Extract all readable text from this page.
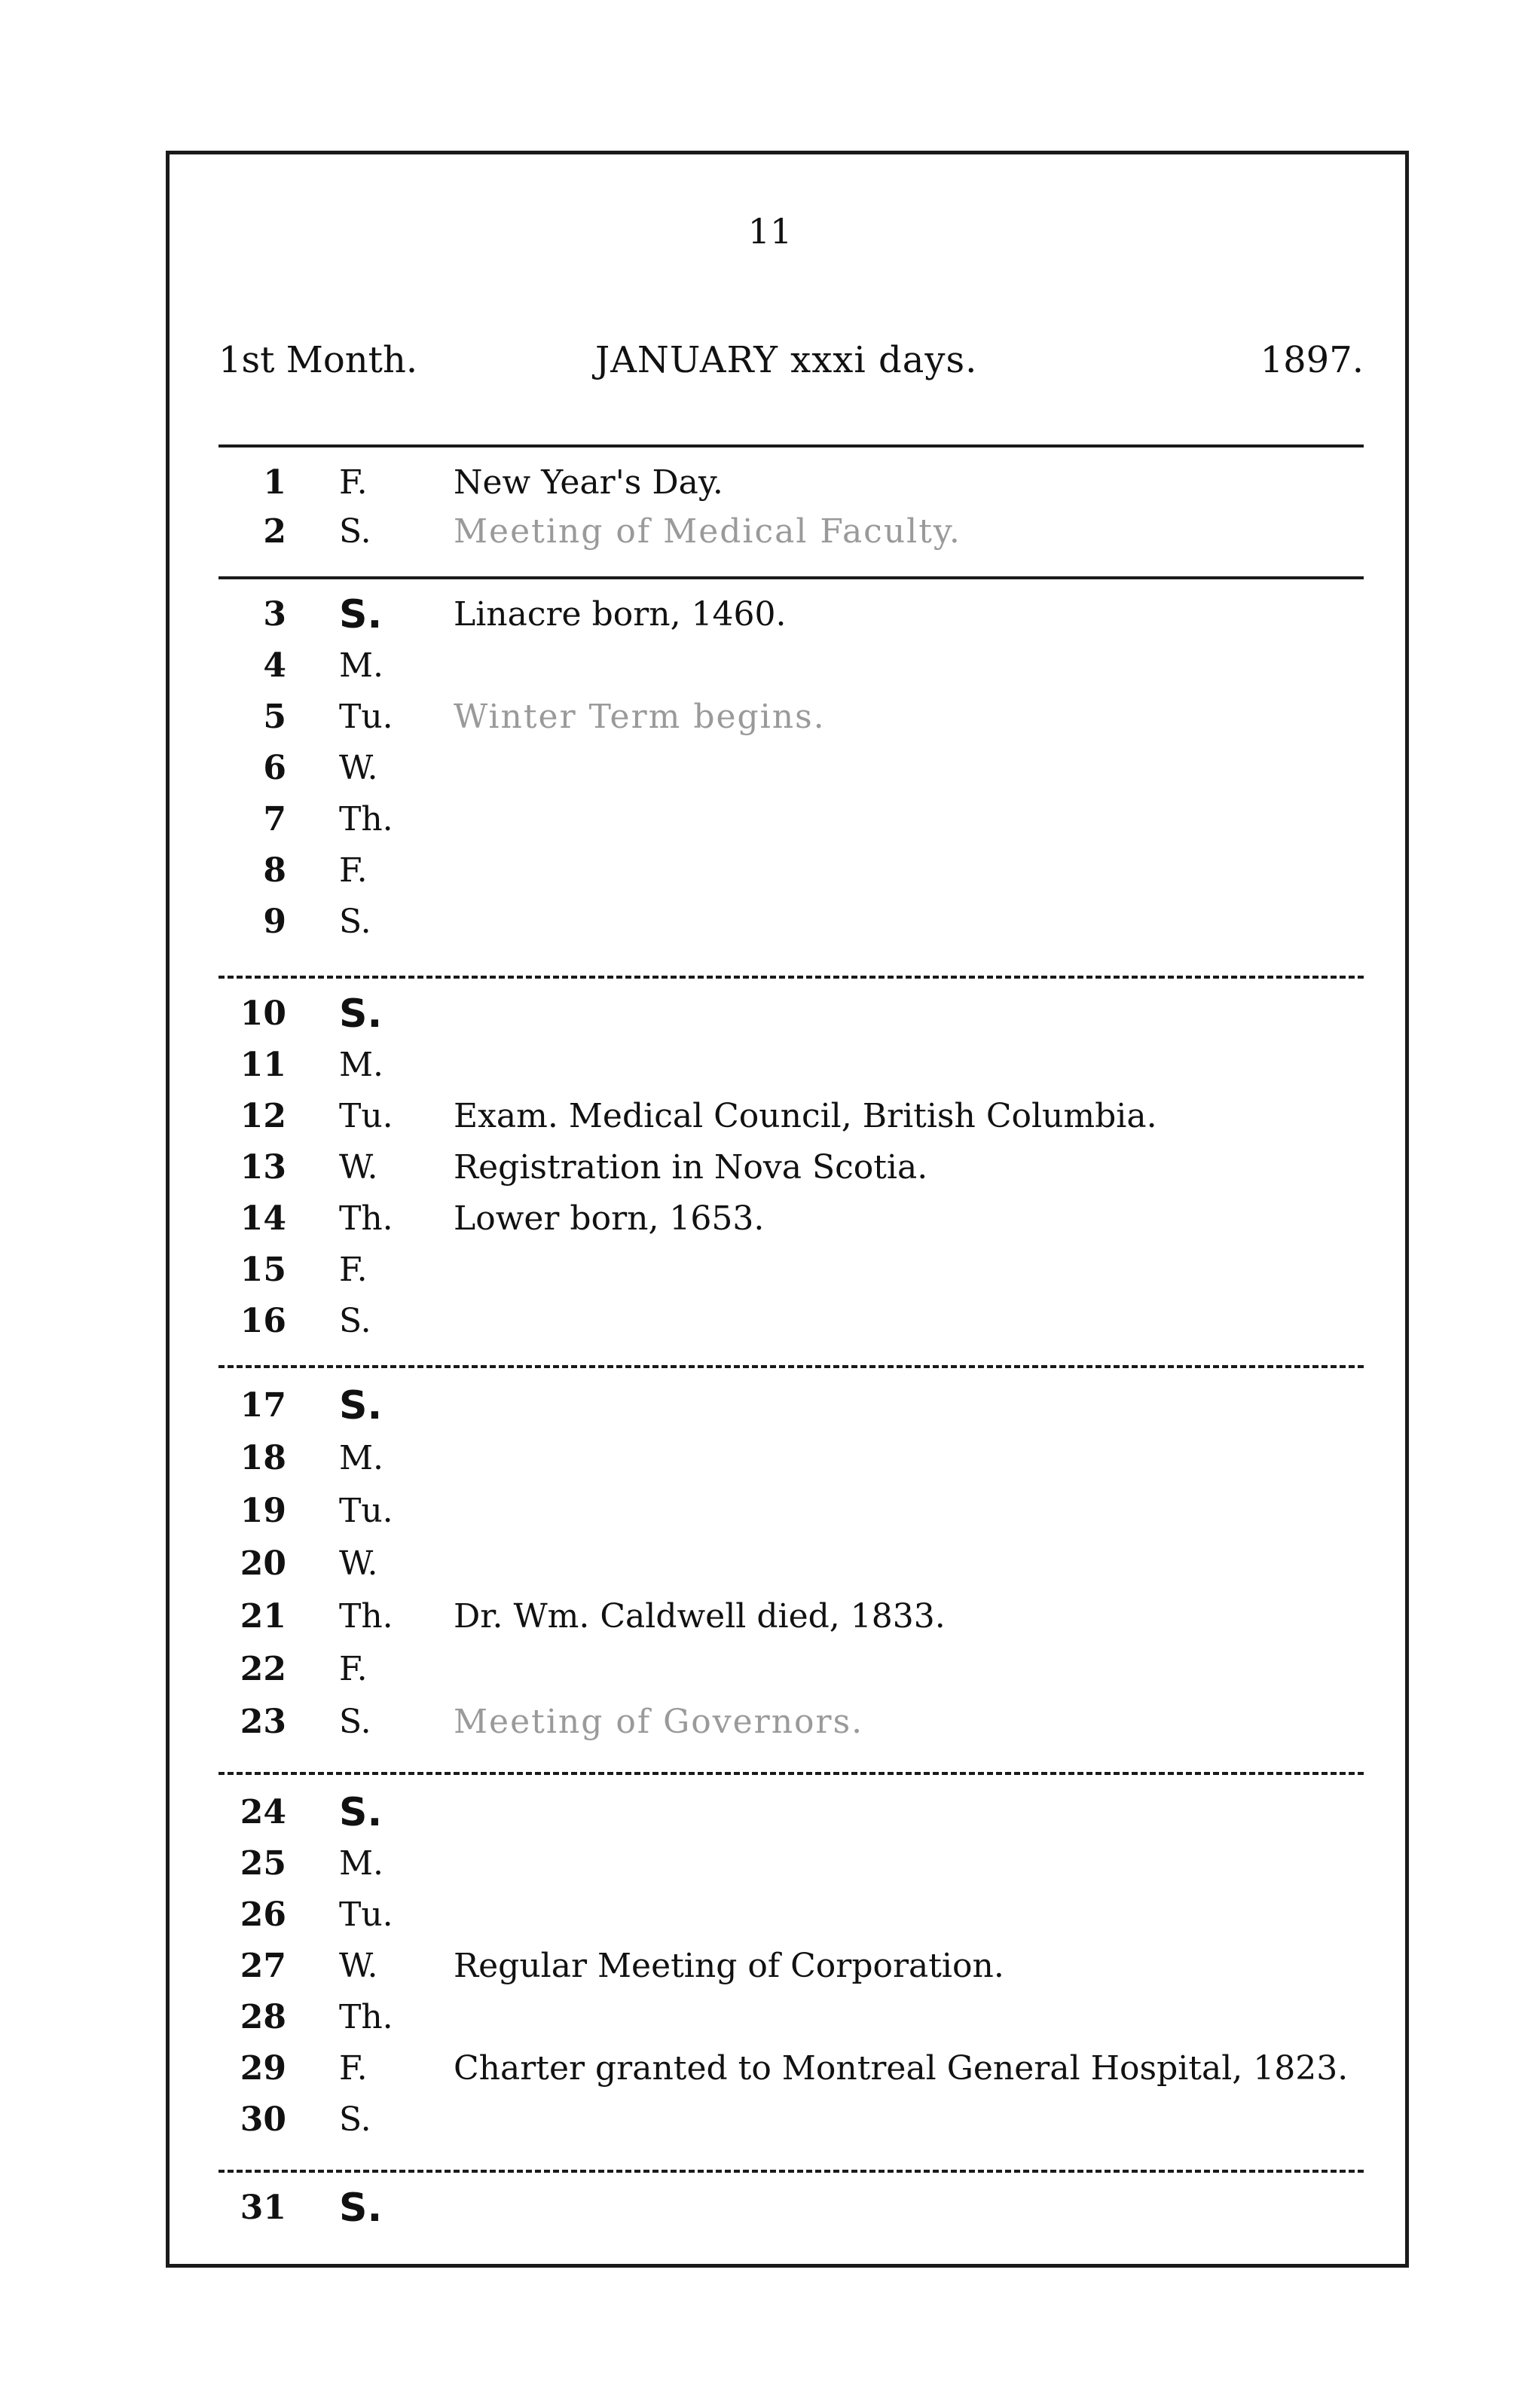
11
1st Month.	JANUARY xxxi days.	1897.
1 F.	New Year's Day.
2 S.	Meeting of Medical Faculty.
3 S.	Linacre born, 1460.
4 M.
5 Tu.	Winter Term begins.
6 W.
7 Th.
8 F.
9 S.
10 S.
11 M.
12 Tu.	Exam. Medical Council, British Columbia.
13 W.	Registration in Nova Scotia.
14 Th.	Lower born, 1653.
15 F.
16 S.
17 S.
18 M.
19 Tu.
20 W.
21 Th.	Dr. Wm. Caldwell died, 1833.
22 F.
23 S.	Meeting of Governors.
24 S.
25 M.
26 Tu.
27 W.	Regular Meeting of Corporation.
28 Th.
29 F.	Charter granted to Montreal General Hospital, 1823.
30 S.
31 S.
